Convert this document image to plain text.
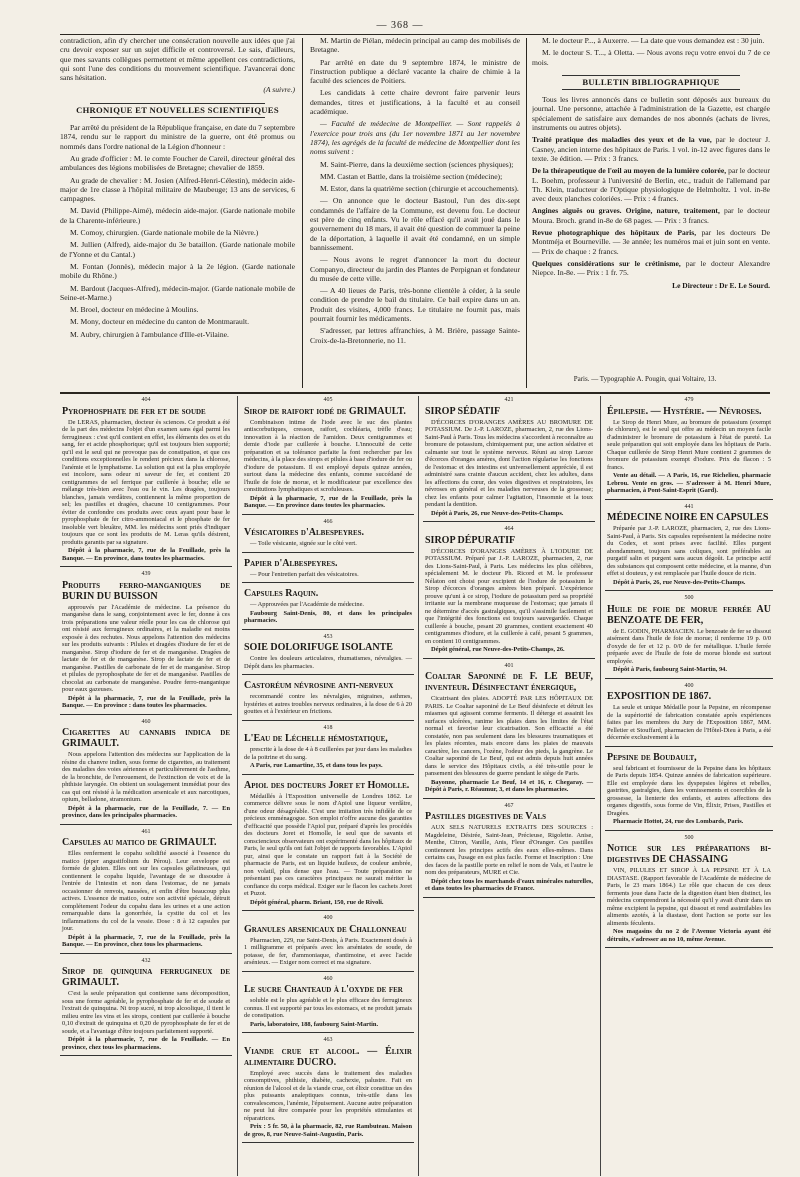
— 368 —

contradiction, afin d'y chercher une consécration nouvelle aux idées que j'ai cru devoir exposer sur un sujet difficile et controversé. Le sais, d'ailleurs, que mes savants collègues permettent et même appellent ces contradictions, qui sont l'une des conditions du mouvement scientifique. J'avancerai donc sans hésitation.

(A suivre.)

CHRONIQUE ET NOUVELLES SCIENTIFIQUES

Par arrêté du président de la République française, en date du 7 septembre 1874, rendu sur le rapport du ministre de la guerre, ont été promus ou nommés dans l'ordre national de la Légion d'honneur :

Au grade d'officier : M. le comte Foucher de Careil, directeur général des ambulances des légions mobilisées de Bretagne; chevalier de 1859.

Au grade de chevalier : M. Josien (Alfred-Henri-Célestin), médecin aide-major de 1re classe à l'hôpital militaire de Maubeuge; 13 ans de services, 6 campagnes.

M. David (Philippe-Aimé), médecin aide-major. (Garde nationale mobile de la Charente-inférieure.)

M. Comoy, chirurgien. (Garde nationale mobile de la Nièvre.)

M. Jullien (Alfred), aide-major du 3e bataillon. (Garde nationale mobile de l'Yonne et du Cantal.)

M. Fontan (Jonnès), médecin major à la 2e légion. (Garde nationale mobile du Rhône.)

M. Bardout (Jacques-Alfred), médecin-major. (Garde nationale mobile de Seine-et-Marne.)

M. Broel, docteur en médecine à Moulins.

M. Mony, docteur en médecine du canton de Montmarault.

M. Aubry, chirurgien à l'ambulance d'Ille-et-Vilaine.

M. Martin de Piélan, médecin principal au camp des mobilisés de Bretagne.

Par arrêté en date du 9 septembre 1874, le ministre de l'instruction publique a déclaré vacante la chaire de chimie à la faculté des sciences de Poitiers.

Les candidats à cette chaire devront faire parvenir leurs demandes, titres et justifications, à la faculté et au conseil académique.

— Faculté de médecine de Montpellier. — Sont rappelés à l'exercice pour trois ans (du 1er novembre 1871 au 1er novembre 1874), les agrégés de la faculté de médecine de Montpellier dont les noms suivent :

M. Saint-Pierre, dans la deuxième section (sciences physiques);

MM. Castan et Battle, dans la troisième section (médecine);

M. Estor, dans la quatrième section (chirurgie et accouchements).

— On annonce que le docteur Bastoul, l'un des dix-sept condamnés de l'affaire de la Commune, est devenu fou. Le docteur est père de cinq enfants. Vu le rôle effacé qu'il avait joué dans le gouvernement du 18 mars, il avait été question de commuer la peine de la déportation, à laquelle il avait été condamné, en un simple bannissement.

— Nous avons le regret d'annoncer la mort du docteur Companyo, directeur du jardin des Plantes de Perpignan et fondateur du musée de cette ville.

— A 40 lieues de Paris, très-bonne clientèle à céder, à la seule condition de prendre le bail du titulaire. Ce bail expire dans un an. Produit des visites, 4,000 francs. Le titulaire ne fournit pas, mais pourrait fournir les médicaments.

S'adresser, par lettres affranchies, à M. Brière, passage Sainte-Croix-de-la-Bretonnerie, no 11.

M. le docteur P..., à Auxerre. — La date que vous demandez est : 30 juin.

M. le docteur S. T..., à Oletta. — Nous avons reçu votre envoi du 7 de ce mois.

BULLETIN BIBLIOGRAPHIQUE

Tous les livres annoncés dans ce bulletin sont déposés aux bureaux du journal. Une personne, attachée à l'administration de la Gazette, est chargée spécialement de satisfaire aux demandes de nos abonnés (achats de livres, instruments ou autres objets).

Traité pratique des maladies des yeux et de la vue, par le docteur J. Casney, ancien interne des hôpitaux de Paris. 1 vol. in-12 avec figures dans le texte. 3e édition. — Prix : 3 francs.

De la thérapeutique de l'œil au moyen de la lumière colorée, par le docteur L. Boehm, professeur à l'université de Berlin, etc., traduit de l'allemand par Th. Klein, traducteur de l'Optique physiologique de Helmholtz. 1 vol. in-8e avec deux planches coloriées. — Prix : 4 francs.

Angines aiguës ou graves. Origine, nature, traitement, par le docteur Moura. Broch. grand in-8e de 68 pages. — Prix : 3 francs.

Revue photographique des hôpitaux de Paris, par les docteurs De Montméja et Bourneville. — 3e année; les numéros mai et juin sont en vente. — Prix de chaque : 2 francs.

Quelques considérations sur le crétinisme, par le docteur Alexandre Niepce. In-8e. — Prix : 1 fr. 75.

Le Directeur : Dr E. Le Sourd.
Paris. — Typographie A. Pougin, quai Voltaire, 13.
404
Pyrophosphate de fer et de soude

De LERAS, pharmacien, docteur ès sciences. Ce produit a été de la part des médecins l'objet d'un examen sans égal parmi les ferrugineux : c'est qu'il contient en effet, les éléments des os et du sang, fer et acide phosphorique; qu'il est toujours bien supporté; qu'il est le seul qui ne provoque pas de constipation, et que ces conditions exceptionnelles le rendent précieux dans la chlorose, l'anémie et le lymphatisme. La solution qui est la plus employée est incolore, sans odeur ni saveur de fer, et contient 20 centigrammes de sel ferrique par cuillerée à bouche; elle se mélange très-bien avec l'eau ou le vin. Les dragées, toujours blanches, jamais verdâtres, contiennent la même proportion de sel; les pastilles et dragées, chacune 10 centigrammes. Pour éviter de confondre ces produits avec ceux ayant pour base le pyrophosphate de fer citro-ammoniacal et le phosphate de fer insoluble vert bleuâtre, MM. les médecins sont priés d'indiquer toujours que ce sont les produits de M. Leras qu'ils désirent, produits garantis par sa signature.

Dépôt à la pharmacie, 7, rue de la Feuillade, près la Banque. — En province, dans toutes les pharmacies.

439
Produits ferro-manganiques de BURIN DU BUISSON

approuvés par l'Académie de médecine. La présence du manganèse dans le sang, conjointement avec le fer, donne à ces trois préparations une valeur réelle pour les cas de chlorose qui ont résisté aux ferrugineux ordinaires, et la maladie est moins exposée à des rechutes. Nous appelons l'attention des médecins sur les produits suivants : Pilules et dragées d'iodure de fer et de manganèse. Sirop d'iodure de fer et de manganèse. Dragées de lactate de fer et de manganèse. Sirop de lactate de fer et de manganèse. Pastilles de carbonate de fer et de manganèse. Sirop et pilules de pyrophosphate de fer et de manganèse. Pastilles de chocolat au carbonate de manganèse. Poudre ferro-manganique pour eaux gazeuses.

Dépôt à la pharmacie, 7, rue de la Feuillade, près la Banque. — En province : dans toutes les pharmacies.

460
Cigarettes au cannabis indica de GRIMAULT.

Nous appelons l'attention des médecins sur l'application de la résine du chanvre indien, sous forme de cigarettes, au traitement des maladies des voies aériennes et particulièrement de l'asthme, de la bronchite, de l'enrouement, de l'extinction de voix et de la phthisie laryngée. On obtient un soulagement immédiat pour des cas qui ont résisté à la médication arsenicale et aux narcotiques, opium, belladone, stramonium.

Dépôt à la pharmacie, rue de la Feuillade, 7. — En province, dans les principales pharmacies.

461
Capsules au matico de GRIMAULT.

Elles renferment le copahu solidifié associé à l'essence du matico (piper angustifolium du Pérou). Leur enveloppe est formée de gluten. Elles ont sur les capsules gélatineuses, qui contiennent le copahu liquide, l'avantage de se dissoudre à l'entrée de l'intestin et non dans l'estomac, de ne jamais occasionner de renvois, nausées, et enfin d'être beaucoup plus actives. L'essence de matico, outre son activité spéciale, détruit complétement l'odeur du copahu dans les urines et a une action remarquable dans la gonorrhée, la cystite du col et les inflammations du col de la vessie. Dose : 8 à 12 capsules par jour.

Dépôt à la pharmacie, 7, rue de la Feuillade, près la Banque. — En province, chez tous les pharmaciens.

432
Sirop de quinquina ferrugineux de GRIMAULT.

C'est la seule préparation qui contienne sans décomposition, sous une forme agréable, le pyrophosphate de fer et de soude et l'extrait de quinquina. Ni trop sucré, ni trop alcoolique, il tient le milieu entre les vins et les sirops, contient par cuillerée à bouche 0,10 d'extrait de quinquina et 0,20 de pyrophosphate de fer et de soude, et a l'avantage d'être toujours parfaitement supporté.

Dépôt à la pharmacie, 7, rue de la Feuillade. — En province, chez tous les pharmaciens.

405
Sirop de raifort iodé de GRIMAULT.

Combinaison intime de l'iode avec le suc des plantes antiscorbutiques, cresson, raifort, cochléaria, trèfle d'eau; innovation à la réaction de l'amidon. Deux centigrammes et demie d'iode par cuillerée à bouche. L'innocuité de cette préparation et sa tolérance parfaite la font rechercher par les médecins, à la place des sirops et pilules à base d'iodure de fer ou d'iodure de potassium. Il est employé depuis quinze années, surtout dans la médecine des enfants, comme succédané de l'huile de foie de morue, et le modificateur par excellence des constitutions lymphatiques et scrofuleuses.

Dépôt à la pharmacie, 7, rue de la Feuillade, près la Banque. — En province dans toutes les pharmacies.

466
Vésicatoires d'Albespeyres.

— Toile vésicante, signée sur le côté vert.

Papier d'Albespeyres.

— Pour l'entretien parfait des vésicatoires.

Capsules Raquin.

— Approuvées par l'Académie de médecine.

Faubourg Saint-Denis, 80, et dans les principales pharmacies.

453
SOIE DOLORIFUGE ISOLANTE

Contre les douleurs articulaires, rhumatismes, névralgies. — Dépôt dans les pharmacies.

Castoréum névrosine anti-nerveux

recommandé contre les névralgies, migraines, asthmes, hystéries et autres troubles nerveux ordinaires, à la dose de 6 à 20 gouttes et à l'extérieur en frictions.

418
L'Eau de Léchelle hémostatique,

prescrite à la dose de 4 à 8 cuillerées par jour dans les maladies de la poitrine et du sang.

A Paris, rue Lamartine, 35, et dans tous les pays.

Apiol des docteurs Joret et Homolle.

Médaillés à l'Exposition universelle de Londres 1862. Le commerce délivre sous le nom d'Apiol une liqueur verdâtre, d'une odeur désagréable. C'est une imitation très infidèle de ce précieux emménagogue. Son emploi n'offre aucune des garanties d'efficacité que possède l'Apiol pur, préparé d'après les procédés des docteurs Joret et Homolle, le seul que de savants et consciencieux observateurs ont expérimenté dans les hôpitaux de Paris, le seul qu'ils ont fait l'objet de rapports favorables. L'Apiol pur, ainsi que le constate un rapport fait à la Société de pharmacie de Paris, est un liquide huileux, de couleur ambrée, non volatil, plus dense que l'eau. — Toute préparation ne présentant pas ces caractères principaux ne saurait mériter la confiance du corps médical. Exiger sur le flacon les cachets Joret et Puzot.

Dépôt général, pharm. Briant, 150, rue de Rivoli.

400
Granules arsenicaux de Challonneau

Pharmacien, 229, rue Saint-Denis, à Paris. Exactement dosés à 1 milligramme et préparés avec les arséniates de soude, de potasse, de fer, d'ammoniaque, d'antimoine, et avec l'acide arsénieux. — Exiger nom correct et ma signature.

460
Le sucre Chanteaud à l'oxyde de fer

soluble est le plus agréable et le plus efficace des ferrugineux connus. Il est supporté par tous les estomacs, et ne produit jamais de constipation.

Paris, laboratoire, 188, faubourg Saint-Martin.

463
Viande crue et alcool. — Élixir alimentaire DUCRO.

Employé avec succès dans le traitement des maladies consomptives, phthisie, diabète, cachexie, palustre. Fait en réunion de l'alcool et de la viande crue, cet élixir constitue un des plus puissants analeptiques connus, très-utile dans les convalescences, l'anémie, l'épuisement. Aucune autre préparation ne peut lui être comparée pour les propriétés stimulantes et réparatrices.

Prix : 5 fr. 50, à la pharmacie, 82, rue Rambuteau. Maison de gros, 8, rue Neuve-Saint-Augustin, Paris.

421
SIROP SÉDATIF

D'ÉCORCES D'ORANGES AMÈRES AU BROMURE DE POTASSIUM. De J.-P. LAROZE, pharmacien, 2, rue des Lions-Saint-Paul à Paris. Tous les médecins s'accordent à reconnaître au bromure de potassium, chimiquement pur, une action sédative et calmante sur tout le système nerveux. Réuni au sirop Laroze d'écorces d'oranges amères, dont l'action régularise les fonctions de l'estomac et des intestins est universellement appréciée, il est administré sans crainte d'aucun accident, chez les adultes, dans les affections du cœur, des voies digestives et respiratoires, les névroses en général et les maladies nerveuses de la grossesse; chez les enfants pour calmer l'agitation, l'insomnie et la toux pendant la dentition.

Dépôt à Paris, 26, rue Neuve-des-Petits-Champs.

464
SIROP DÉPURATIF

D'ÉCORCES D'ORANGES AMÈRES À L'IODURE DE POTASSIUM. Préparé par J.-P. LAROZE, pharmacien, 2, rue des Lions-Saint-Paul, à Paris. Les médecins les plus célèbres, spécialement M. le docteur Ph. Ricord et M. le professeur Nélaton ont choisi pour excipient de l'iodure de potassium le Sirop d'écorces d'oranges amères bien préparé. L'expérience prouve qu'uni à ce sirop, l'iodure de potassium perd sa propriété irritante sur la membrane muqueuse de l'estomac; que jamais il ne détermine d'accès gastralgiques, qu'il s'assimile facilement et que l'intégrité des fonctions est toujours sauvegardée. Chaque cuillerée à bouche, pesant 20 grammes, contient exactement 40 centigrammes d'iodure, et la cuillerée à café, pesant 5 grammes, en contient 10 centigrammes.

Dépôt général, rue Neuve-des-Petits-Champs, 26.

401
Coaltar Saponiné de F. LE BEUF, inventeur. Désinfectant énergique,

Cicatrisant des plaies. ADOPTÉ PAR LES HÔPITAUX DE PARIS. Le Coaltar saponiné de Le Beuf désinfecte et détruit les miasmes qui agissent comme ferments. Il déterge et assainit les surfaces ulcérées, ranime les plaies dans les limites de l'état normal et favorise leur cicatrisation. Son efficacité a été constatée, non pas seulement dans les blessures traumatiques et les plaies récentes, mais encore dans les plaies de mauvais caractère, les cancers, l'ozène, l'odeur des pieds, la gangrène. Le Coaltar saponiné de Le Beuf, qui est admis depuis huit années dans le service des Hôpitaux civils, a été très-utile pour le pansement des blessures de guerre pendant le siège de Paris.

Bayonne, pharmacie Le Beuf, 14 et 16, r. Chegaray. — Dépôt à Paris, r. Réaumur, 3, et dans les pharmacies.

467
Pastilles digestives de Vals

AUX SELS NATURELS EXTRAITS DES SOURCES : Magdeleine, Désirée, Saint-Jean, Précieuse, Rigolette. Anise, Menthe, Citron, Vanille, Anis, Fleur d'Oranger. Ces pastilles contiennent les principes actifs des eaux elles-mêmes. Dans certains cas, l'usage en est plus facile. Forme et Inscription : Une des faces de la pastille porte en relief le nom de Vals, et l'autre le nom des préparateurs, MURE et Cie.

Dépôt chez tous les marchands d'eaux minérales naturelles, et dans toutes les pharmacies de France.

479
Épilepsie. — Hystérie. — Névroses.

Le Sirop de Henri Mure, au bromure de potassium (exempt de chlorure), est le seul qui offre au médecin un moyen facile d'administrer le bromure de potassium à l'état de pureté. La seule préparation qui soit employée dans les hôpitaux de Paris. Chaque cuillerée de Sirop Henri Mure contient 2 grammes de bromure de potassium exempt d'iodure. Prix du flacon : 5 francs.

Vente au détail. — A Paris, 16, rue Richelieu, pharmacie Lebrou. Vente en gros. — S'adresser à M. Henri Mure, pharmacien, à Pont-Saint-Esprit (Gard).

441
MÉDECINE NOIRE EN CAPSULES

Préparée par J.-P. LAROZE, pharmacien, 2, rue des Lions-Saint-Paul, à Paris. Six capsules représentent la médecine noire du Codex, et sont prises avec facilité. Elles purgent abondamment, toujours sans coliques, sont préférables au purgatif salin et purgent sans aucun dégoût. Le principe actif des substances qui composent cette médecine, et la manne, d'un effet si douteux, y est remplacée par l'huile douce de ricin.

Dépôt à Paris, 26, rue Neuve-des-Petits-Champs.

500
Huile de foie de morue ferrée AU BENZOATE DE FER,

de E. GODIN, PHARMACIEN. Le benzoate de fer se dissout aisément dans l'huile de foie de morue; il renferme 19 p. 0/0 d'oxyde de fer et 12 p. 0/0 de fer métallique. L'huile ferrée préparée avec de l'huile de foie de morue blonde est surtout employée.

Dépôt à Paris, faubourg Saint-Martin, 94.

400
EXPOSITION DE 1867.

La seule et unique Médaille pour la Pepsine, en récompense de la supériorité de fabrication constatée après expériences faites par les membres du Jury de l'Exposition 1867, MM. Pelletier et Stouffard, pharmacien de l'Hôtel-Dieu à Paris, a été décernée exclusivement à la

Pepsine de Boudault,

seul fabricant et fournisseur de la Pepsine dans les hôpitaux de Paris depuis 1854. Quinze années de fabrication supérieure. Elle est employée dans les dyspepsies légères et rebelles, gastrites, gastralgies, dans les vomissements et coercibles de la grossesse, la lienterie des enfants, et autres affections des organes digestifs, sous forme de Vin, Élixir, Prises, Pastilles et Dragées.

Pharmacie Hottot, 24, rue des Lombards, Paris.

500
Notice sur les préparations bi-digestives DE CHASSAING

VIN, PILULES ET SIROP À LA PEPSINE ET À LA DIASTASE. (Rapport favorable de l'Académie de médecine de Paris, le 23 mars 1864.) Le rôle que chacun de ces deux ferments joue dans l'acte de la digestion étant bien distinct, les médecins comprendront la nécessité qu'il y avait d'unir dans un même excipient la pepsine, qui dissout et rend assimilables les aliments azotés, à la diastase, dont l'action se porte sur les aliments féculents.

Nos magasins du no 2 de l'Avenue Victoria ayant été détruits, s'adresser au no 10, même Avenue.
